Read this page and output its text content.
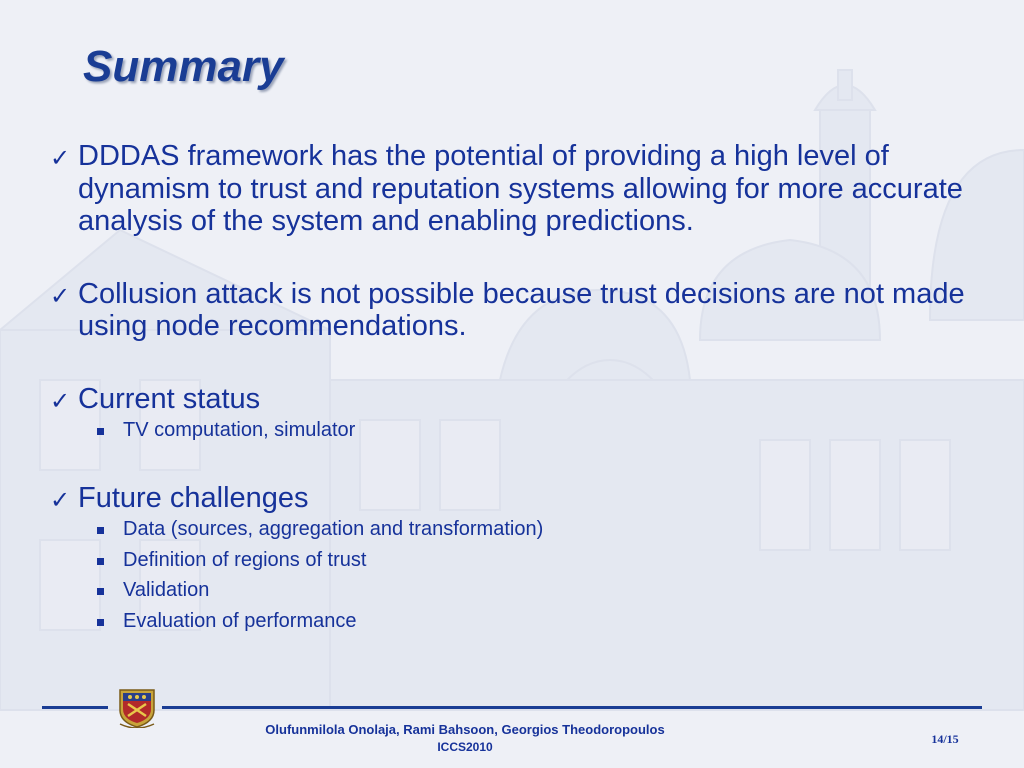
Summary
✓ DDDAS framework has the potential of providing a high level of dynamism to trust and reputation systems allowing for more accurate analysis of the system and enabling predictions.
✓ Collusion attack is not possible because trust decisions are not made using node recommendations.
✓ Current status
TV computation, simulator
✓ Future challenges
Data (sources, aggregation and transformation)
Definition of regions of trust
Validation
Evaluation of performance
Olufunmilola Onolaja, Rami Bahsoon, Georgios Theodoropoulos
ICCS2010
14/15
